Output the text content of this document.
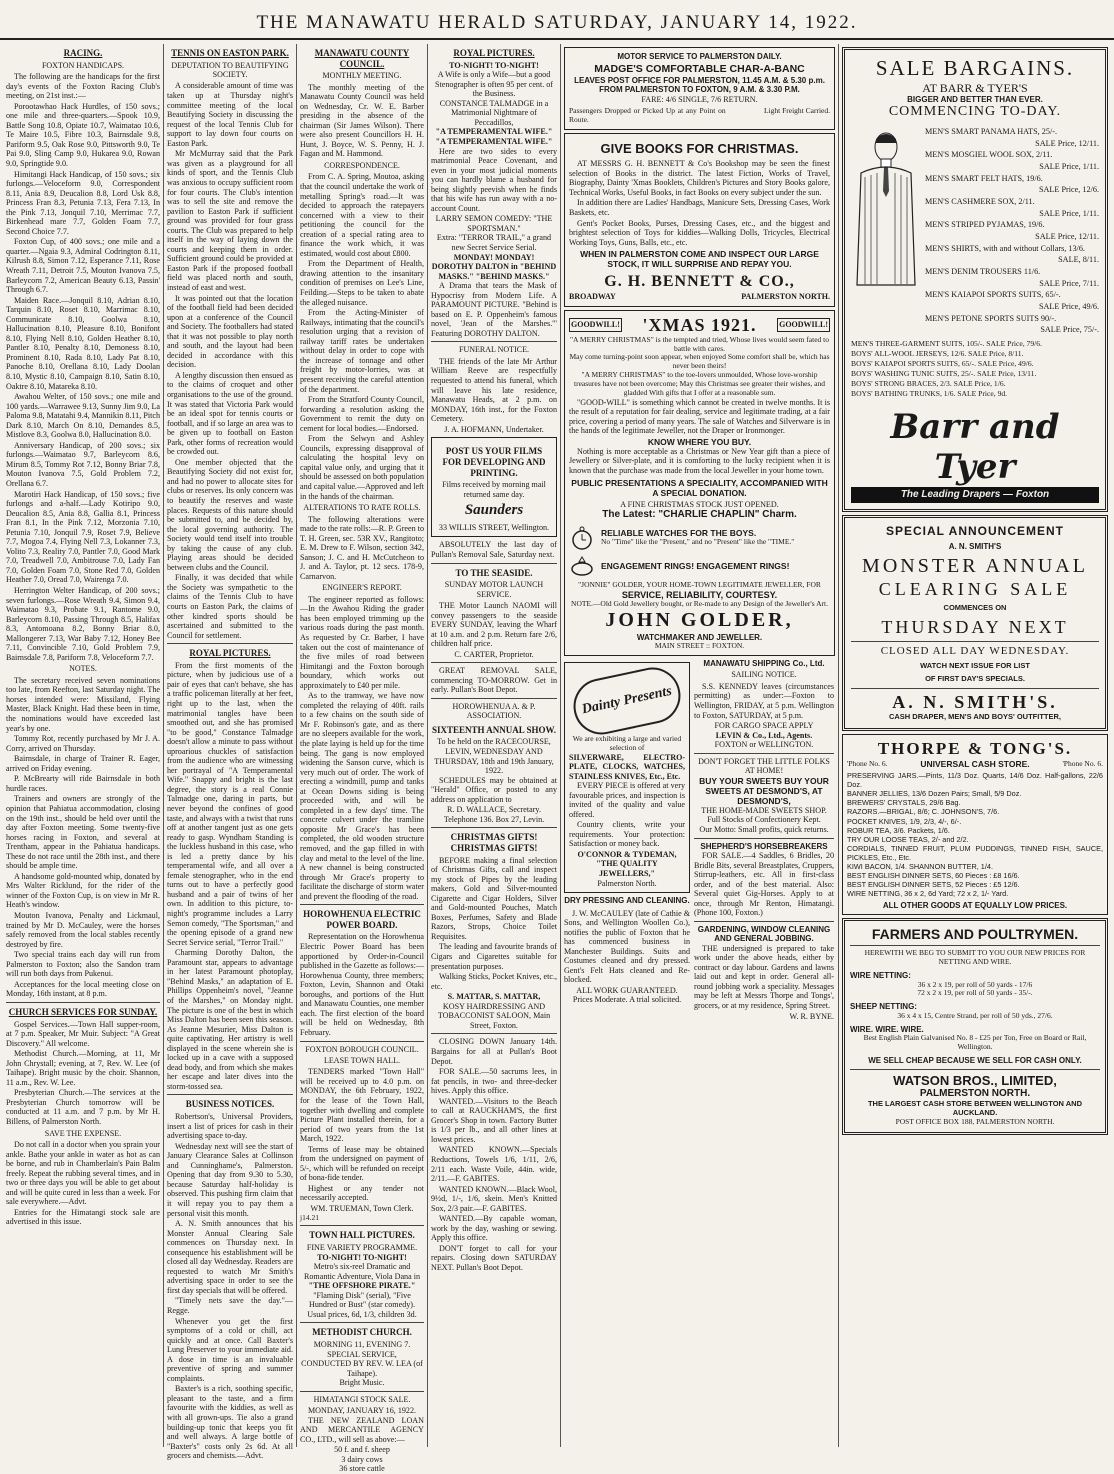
THE MANAWATU HERALD SATURDAY, JANUARY 14, 1922.
RACING.
FOXTON HANDICAPS.

The following are the handicaps for the first day's events of the Foxton Racing Club's meeting, on 21st inst.:—

Porootawhao Hack Hurdles, of 150 sovs.; one mile and three-quarters.—Spook 10.9, Battle Song 10.8, Opiate 10.7, Waimatao 10.6, Te Maire 10.5, Fibre 10.3, Bairnsdale 9.8, Pariform 9.5, Oak Rose 9.0, Pittsworth 9.0, Te Pai 9.0, Sling Camp 9.0, Hukarea 9.0, Rowan 9.0, Springtide 9.0.

Himitangi Hack Handicap, of 150 sovs.; six furlongs.—Veloceform 9.0, Correspondent 8.11, Ania 8.9, Deucalion 8.8, Lord Usk 8.8, Princess Fran 8.3, Petunia 7.13, Fera 7.13, In the Pink 7.13, Jonquil 7.10, Merrimac 7.7, Birkenhead mare 7.7, Golden Foam 7.7, Second Choice 7.7.

Foxton Cup, of 400 sovs.; one mile and a quarter.—Ngaia 9.3, Admiral Codrington 8.11, Kilrush 8.8, Simon 7.12, Esperance 7.11, Rose Wreath 7.11, Detroit 7.5, Mouton Ivanova 7.5, Barleycorn 7.2, American Beauty 6.13, Passin' Through 6.7.

Maiden Race.—Jonquil 8.10, Adrian 8.10, Tarquin 8.10, Roset 8.10, Marrimac 8.10, Communicate 8.10, Goolwa 8.10, Hallucination 8.10, Pleasure 8.10, Bonifont 8.10, Flying Nell 8.10, Golden Heather 8.10, Pantler 8.10, Penalty 8.10, Demoness 8.10, Prominent 8.10, Rada 8.10, Lady Pat 8.10, Panoche 8.10, Orellana 8.10, Lady Doolan 8.10, Mystic 8.10, Campaign 8.10, Satin 8.10, Oaktre 8.10, Matareka 8.10.

Awahou Welter, of 150 sovs.; one mile and 100 yards.—Warrawee 9.13, Sunny Jim 9.0, La Paloma 9.8, Matatahi 9.4, Mannikin 8.11, Pitch Dark 8.10, March On 8.10, Demandes 8.5, Mistlove 8.3, Goolwa 8.0, Hallucination 8.0.

Anniversary Handicap, of 200 sovs.; six furlongs.—Waimatao 9.7, Barleycorn 8.6, Mirum 8.5, Tommy Rot 7.12, Bonny Briar 7.8, Mouton Ivanova 7.5, Gold Problem 7.2, Orellana 6.7.

Marotiri Hack Handicap, of 150 sovs.; five furlongs and a-half.—Lady Kotiripo 9.0, Deucalion 8.5, Ania 8.8, Gallia 8.1, Princess Fran 8.1, In the Pink 7.12, Morzonia 7.10, Petunia 7.10, Jonquil 7.9, Roset 7.9, Believe 7.7, Mogoa 7.4, Flying Nell 7.3, Lokanner 7.3, Volito 7.3, Reality 7.0, Pantler 7.0, Good Mark 7.0, Treadwell 7.0, Ambitrouse 7.0, Lady Fan 7.0, Golden Foam 7.0, Stone Red 7.0, Golden Heather 7.0, Oread 7.0, Wairenga 7.0.

Herrington Welter Handicap, of 200 sovs.; seven furlongs.—Rose Wreath 9.4, Simon 9.4, Waimatao 9.3, Probate 9.1, Rantome 9.0, Barleycorn 8.10, Passing Through 8.5, Halifax 8.3, Antomoana 8.2, Bonny Briar 8.0, Mallongerer 7.13, War Baby 7.12, Honey Bee 7.11, Convincible 7.10, Gold Problem 7.9, Bairnsdale 7.8, Pariform 7.8, Veloceform 7.7.

NOTES.

The secretary received seven nominations too late, from Reefton, last Saturday night. The horses intended were: Missiland, Flying Master, Black Knight. Had these been in time, the nominations would have exceeded last year's by one.

Tommy Rot, recently purchased by Mr J. A. Corry, arrived on Thursday.

Bairnsdale, in charge of Trainer R. Eager, arrived on Friday evening.

P. McBrearty will ride Bairnsdale in both hurdle races.

Trainers and owners are strongly of the opinion that Pahiatua accommodation, closing on the 19th inst., should be held over until the day after Foxton meeting. Some twenty-five horses racing in Foxton, and several at Trentham, appear in the Pahiatua handicaps. These do not race until the 28th inst., and there should be ample time.

A handsome gold-mounted whip, donated by Mrs Walter Ricklund, for the rider of the winner of the Foxton Cup, is on view in Mr R. Heath's window.

Mouton Ivanova, Penalty and Lickmaul, trained by Mr D. McCauley, were the horses safely removed from the local stables recently destroyed by fire.

Two special trains each day will run from Palmerston to Foxton; also the Sandon tram will run both days from Pukenui.

Acceptances for the local meeting close on Monday, 16th instant, at 8 p.m.

CHURCH SERVICES FOR SUNDAY.

Gospel Services.—Town Hall supper-room, at 7 p.m. Speaker, Mr Muir. Subject: "A Great Discovery." All welcome.

Methodist Church.—Morning, at 11, Mr John Chrystall; evening, at 7, Rev. W. Lee (of Taihape). Bright music by the choir. Shannon, 11 a.m., Rev. W. Lee.

Presbyterian Church.—The services at the Presbyterian Church tomorrow will be conducted at 11 a.m. and 7 p.m. by Mr H. Billens, of Palmerston North.

SAVE THE EXPENSE.

Do not call in a doctor when you sprain your ankle. Bathe your ankle in water as hot as can be borne, and rub in Chamberlain's Pain Balm freely. Repeat the rubbing several times, and in two or three days you will be able to get about and will be quite cured in less than a week. For sale everywhere.—Advt.

Entries for the Himatangi stock sale are advertised in this issue.

TENNIS ON EASTON PARK.
DEPUTATION TO BEAUTIFYING SOCIETY.

A considerable amount of time was taken up at Thursday night's committee meeting of the local Beautifying Society in discussing the request of the local Tennis Club for support to lay down four courts on Easton Park.

Mr McMurray said that the Park was given as a playground for all kinds of sport, and the Tennis Club was anxious to occupy sufficient room for four courts. The Club's intention was to sell the site and remove the pavilion to Easton Park if sufficient ground was provided for four grass courts. The Club was prepared to help itself in the way of laying down the courts and keeping them in order. Sufficient ground could be provided at Easton Park if the proposed football field was placed north and south, instead of east and west.

It was pointed out that the location of the football field had been decided upon at a conference of the Council and Society. The footballers had stated that it was not possible to play north and south, and the layout had been decided in accordance with this decision.

A lengthy discussion then ensued as to the claims of croquet and other organisations to the use of the ground. It was stated that Victoria Park would be an ideal spot for tennis courts or football, and if so large an area was to be given up to football on Easton Park, other forms of recreation would be crowded out.

One member objected that the Beautifying Society did not exist for, and had no power to allocate sites for clubs or reserves. Its only concern was to beautify the reserves and waste places. Requests of this nature should be submitted to, and be decided by, the local governing authority. The Society would tend itself into trouble by taking the cause of any club. Playing areas should be decided between clubs and the Council.

Finally, it was decided that while the Society was sympathetic to the claims of the Tennis Club to have courts on Easton Park, the claims of other kindred sports should be ascertained and submitted to the Council for settlement.

ROYAL PICTURES.

From the first moments of the picture, when by judicious use of a pair of eyes that can't behave, she has a traffic policeman literally at her feet, right up to the last, when the matrimonial tangles have been smoothed out, and she has promised "to be good," Constance Talmadge doesn't allow a minute to pass without uproarious chuckles of satisfaction from the audience who are witnessing her portrayal of "A Temperamental Wife." Snappy and bright is the last degree, the story is a real Connie Talmadge one, daring in parts, but never beyond the confines of good taste, and always with a twist that runs off at another tangent just as one gets ready to gasp. Wyndham Standing is the luckless husband in this case, who is led a pretty dance by his temperamental wife, and all over a female stenographer, who in the end turns out to have a perfectly good husband and a pair of twins of her own. In addition to this picture, to-night's programme includes a Larry Semon comedy, "The Sportsman," and the opening episode of a grand new Secret Service serial, "Terror Trail."

Charming Dorothy Dalton, the Paramount star, appears to advantage in her latest Paramount photoplay, "Behind Masks," an adaptation of E. Phillips Oppenheim's novel, "Jeanne of the Marshes," on Monday night. The picture is one of the best in which Miss Dalton has been seen this season. As Jeanne Mesurier, Miss Dalton is quite captivating. Her artistry is well displayed in the scene wherein she is locked up in a cave with a supposed dead body, and from which she makes her escape and later dives into the storm-tossed sea.

BUSINESS NOTICES.

Robertson's, Universal Providers, insert a list of prices for cash in their advertising space to-day.

Wednesday next will see the start of January Clearance Sales at Collinson and Cunninghame's, Palmerston. Opening that day from 9.30 to 5.30, because Saturday half-holiday is observed. This pushing firm claim that it will repay you to pay them a personal visit this month.

A. N. Smith announces that his Monster Annual Clearing Sale commences on Thursday next. In consequence his establishment will be closed all day Wednesday. Readers are requested to watch Mr Smith's advertising space in order to see the first day specials that will be offered.

"Timely nets save the day."—Regge.

Whenever you get the first symptoms of a cold or chill, act quickly and at once. Call Baxter's Lung Preserver to your immediate aid. A dose in time is an invaluable preventive of spring and summer complaints.

Baxter's is a rich, soothing specific, pleasant to the taste, and a firm favourite with the kiddies, as well as with all grown-ups. Tie also a grand building-up tonic that keeps you fit and well always. A large bottle of "Baxter's" costs only 2s 6d. At all grocers and chemists.—Advt.

MANAWATU COUNTY COUNCIL.
MONTHLY MEETING.

The monthly meeting of the Manawatu County Council was held on Wednesday, Cr. W. E. Barber presiding in the absence of the chairman (Sir James Wilson). There were also present Councillors H. H. Hunt, J. Boyce, W. S. Penny, H. J. Fagan and M. Hammond.

CORRESPONDENCE.

From C. A. Spring, Moutoa, asking that the council undertake the work of metalling Spring's road.—It was decided to approach the ratepayers concerned with a view to their petitioning the council for the creation of a special rating area to finance the work which, it was estimated, would cost about £800.

From the Department of Health, drawing attention to the insanitary condition of premises on Lee's Line, Feilding.—Steps to be taken to abate the alleged nuisance.

From the Acting-Minister of Railways, intimating that the council's resolution urging that a revision of railway tariff rates be undertaken without delay in order to cope with the increase of tonnage and other freight by motor-lorries, was at present receiving the careful attention of the department.

From the Stratford County Council, forwarding a resolution asking the Government to remit the duty on cement for local bodies.—Endorsed.

From the Selwyn and Ashley Councils, expressing disapproval of calculating the hospital levy on capital value only, and urging that it should be assessed on both population and capital value.—Approved and left in the hands of the chairman.

ALTERATIONS TO RATE ROLLS.

The following alterations were made to the rate rolls:—R. P. Green to T. H. Green, sec. 53R XV., Rangitoto; E. M. Drew to F. Wilson, section 342, Sanson; J. C. and H. McCutcheon to J. and A. Taylor, pt. 12 secs. 178-9, Carnarvon.

ENGINEER'S REPORT.

The engineer reported as follows:—In the Awahou Riding the grader has been employed trimming up the various roads during the past month. As requested by Cr. Barber, I have taken out the cost of maintenance of the five miles of road between Himitangi and the Foxton borough boundary, which works out approximately to £40 per mile.

As to the tramway, we have now completed the relaying of 40ft. rails to a few chains on the south side of Mr F. Robinson's gate, and as there are no sleepers available for the work, the plate laying is held up for the time being. The gang is now employed widening the Sanson curve, which is very much out of order. The work of erecting a windmill, pump and tanks at Ocean Downs siding is being proceeded with, and will be completed in a few days' time. The concrete culvert under the tramline opposite Mr Grace's has been completed, the old wooden structure removed, and the gap filled in with clay and metal to the level of the line. A new channel is being constructed through Mr Grace's property to facilitate the discharge of storm water and prevent the flooding of the road.

HOROWHENUA ELECTRIC POWER BOARD.

Representation on the Horowhenua Electric Power Board has been apportioned by Order-in-Council published in the Gazette as follows:—Horowhenua County, three members; Foxton, Levin, Shannon and Otaki boroughs, and portions of the Hutt and Manawatu Counties, one member each. The first election of the board will be held on Wednesday, 8th February.

FOXTON BOROUGH COUNCIL.
LEASE TOWN HALL.

TENDERS marked "Town Hall" will be received up to 4.0 p.m. on MONDAY, the 6th February, 1922, for the lease of the Town Hall, together with dwelling and complete Picture Plant installed therein, for a period of two years from the 1st March, 1922.

Terms of lease may be obtained from the undersigned on payment of 5/-, which will be refunded on receipt of bona-fide tender.

Highest or any tender not necessarily accepted.

WM. TRUEMAN, Town Clerk.
j14.21
TOWN HALL PICTURES.
FINE VARIETY PROGRAMME.
TO-NIGHT! TO-NIGHT!
Metro's six-reel Dramatic and Romantic Adventure, Viola Dana in
"THE OFFSHORE PIRATE."
"Flaming Disk" (serial), "Five Hundred or Bust" (star comedy).
Usual prices, 6d, 1/3, children 3d.
METHODIST CHURCH.
MORNING 11, EVENING 7.
SPECIAL SERVICE,
CONDUCTED BY REV. W. LEA (of Taihape).
Bright Music.
HIMATANGI STOCK SALE.
MONDAY, JANUARY 16, 1922.

THE NEW ZEALAND LOAN AND MERCANTILE AGENCY CO., LTD., will sell as above:—

50 f. and f. sheep
3 dairy cows
36 store cattle
ROYAL PICTURES.
TO-NIGHT! TO-NIGHT!
A Wife is only a Wife—but a good Stenographer is often 95 per cent. of the Business.
CONSTANCE TALMADGE in a Matrimonial Nightmare of Peccadillos,
"A TEMPERAMENTAL WIFE." "A TEMPERAMENTAL WIFE."

Here are two sides to every matrimonial Peace Covenant, and even in your most judicial moments you can hardly blame a husband for being slightly peevish when he finds that his wife has run away with a no-account Count.

LARRY SEMON COMEDY: "THE SPORTSMAN."
Extra: "TERROR TRAIL," a grand new Secret Service Serial.
MONDAY! MONDAY!
DOROTHY DALTON in "BEHIND MASKS." "BEHIND MASKS."

A Drama that tears the Mask of Hypocrisy from Modern Life. A PARAMOUNT PICTURE. "Behind is based on E. P. Oppenheim's famous novel, 'Jean of the Marshes.'" Featuring DOROTHY DALTON.

FUNERAL NOTICE.

THE friends of the late Mr Arthur William Reeve are respectfully requested to attend his funeral, which will leave his late residence, Manawatu Heads, at 2 p.m. on MONDAY, 16th inst., for the Foxton Cemetery.

J. A. HOFMANN, Undertaker.
POST US YOUR FILMS FOR DEVELOPING AND PRINTING.
Films received by morning mail returned same day.
Saunders
33 WILLIS STREET, Wellington.

ABSOLUTELY the last day of Pullan's Removal Sale, Saturday next.

TO THE SEASIDE.
SUNDAY MOTOR LAUNCH SERVICE.

THE Motor Launch NAOMI will convey passengers to the seaside EVERY SUNDAY, leaving the Wharf at 10 a.m. and 2 p.m. Return fare 2/6, children half price.

C. CARTER, Proprietor.

GREAT REMOVAL SALE, commencing TO-MORROW. Get in early. Pullan's Boot Depot.

HOROWHENUA A. & P. ASSOCIATION.
SIXTEENTH ANNUAL SHOW.
To be held on the RACECOURSE, LEVIN, WEDNESDAY AND THURSDAY, 18th and 19th January, 1922.

SCHEDULES may be obtained at "Herald" Office, or posted to any address on application to

R. D. WALLACE, Secretary.
Telephone 136. Box 27, Levin.
CHRISTMAS GIFTS! CHRISTMAS GIFTS!

BEFORE making a final selection of Christmas Gifts, call and inspect my stock of Pipes by the leading makers, Gold and Silver-mounted Cigarette and Cigar Holders, Silver and Gold-mounted Pouches, Match Boxes, Perfumes, Safety and Blade Razors, Strops, Choice Toilet Requisites.

The leading and favourite brands of Cigars and Cigarettes suitable for presentation purposes.

Walking Sticks, Pocket Knives, etc., etc.

S. MATTAR, S. MATTAR,
KOSY HAIRDRESSING AND TOBACCONIST SALOON, Main Street, Foxton.

CLOSING DOWN January 14th. Bargains for all at Pullan's Boot Depot.

FOR SALE.—50 sacrums lees, in fat pencils, in two- and three-decker hives. Apply this office.

WANTED.—Visitors to the Beach to call at RAUCKHAM'S, the first Grocer's Shop in town. Factory Butter is 1/3 per lb., and all other lines at lowest prices.

WANTED KNOWN.—Specials Reductions, Towels 1/6, 1/11, 2/6, 2/11 each. Waste Voile, 44in. wide, 2/11.—F. GABITES.

WANTED KNOWN.—Black Wool, 9½d, 1/-, 1/6, skein. Men's Knitted Sox, 2/3 pair.—F. GABITES.

WANTED.—By capable woman, work by the day, washing or sewing. Apply this office.

DON'T forget to call for your repairs. Closing down SATURDAY NEXT. Pullan's Boot Depot.

MOTOR SERVICE TO PALMERSTON DAILY.
MADGE'S COMFORTABLE CHAR-A-BANC
LEAVES POST OFFICE FOR PALMERSTON, 11.45 A.M. & 5.30 p.m.
FROM PALMERSTON TO FOXTON, 9 A.M. & 3.30 P.M.
FARE: 4/6 SINGLE, 7/6 RETURN.
Passengers Dropped or Picked Up at any Point on Route.
Light Freight Carried.
GIVE BOOKS FOR CHRISTMAS.

AT MESSRS G. H. BENNETT & Co's Bookshop may be seen the finest selection of Books in the district. The latest Fiction, Works of Travel, Biography, Dainty 'Xmas Booklets, Children's Pictures and Story Books galore, Technical Works, Useful Books, in fact Books on every subject under the sun.

In addition there are Ladies' Handbags, Manicure Sets, Dressing Cases, Work Baskets, etc.

Gent's Pocket Books, Purses, Dressing Cases, etc., and the biggest and brightest selection of Toys for kiddies—Walking Dolls, Tricycles, Electrical Working Toys, Guns, Balls, etc., etc.

WHEN IN PALMERSTON COME AND INSPECT OUR LARGE STOCK, IT WILL SURPRISE AND REPAY YOU.
G. H. BENNETT & CO.,
BROADWAY	PALMERSTON NORTH.
GOODWILL! 'XMAS 1921.	GOODWILL!
"A MERRY CHRISTMAS" is the tempted and tried, Whose lives would seem fated to battle with cares.
May come turning-point soon appear, when enjoyed Some comfort shall be, which has never been theirs!
"A MERRY CHRISTMAS" to the toe-lovers unmoulded, Whose love-worship treasures have not been overcome; May this Christmas see greater their wishes, and gladded With gifts that I offer at a reasonable sum.

"GOOD-WILL" is something which cannot be created in twelve months. It is the result of a reputation for fair dealing, service and legitimate trading, at a fair price, covering a period of many years. The sale of Watches and Silverware is in the hands of the legitimate Jeweller, not the Draper or Ironmonger.

KNOW WHERE YOU BUY.

Nothing is more acceptable as a Christmas or New Year gift than a piece of Jewellery or Silver-plate, and it is comforting to the lucky recipient when it is known that the purchase was made from the local Jeweller in your home town.

PUBLIC PRESENTATIONS A SPECIALITY, ACCOMPANIED WITH A SPECIAL DONATION.
A FINE CHRISTMAS STOCK JUST OPENED.
The Latest: "CHARLIE CHAPLIN" Charm.
RELIABLE WATCHES FOR THE BOYS.
No "Time" like the "Present," and no "Present" like the "TIME."
ENGAGEMENT RINGS! ENGAGEMENT RINGS!
"JONNIE" GOLDER, YOUR HOME-TOWN LEGITIMATE JEWELLER, FOR
SERVICE, RELIABILITY, COURTESY.
NOTE.—Old Gold Jewellery bought, or Re-made to any Design of the Jeweller's Art.
JOHN GOLDER,
WATCHMAKER AND JEWELLER.
MAIN STREET :: FOXTON.
Dainty Presents
We are exhibiting a large and varied selection of
SILVERWARE, ELECTRO-PLATE, CLOCKS, WATCHES, STAINLESS KNIVES, Etc., Etc.

EVERY PIECE is offered at very favourable prices, and inspection is invited of the quality and value offered.

Country clients, write your requirements. Your protection: Satisfaction or money back.

O'CONNOR & TYDEMAN, "THE QUALITY JEWELLERS,"
Palmerston North.
DRY PRESSING AND CLEANING.

J. W. McCAULEY (late of Cathie & Sons, and Wellington Woollen Co.), notifies the public of Foxton that he has commenced business in Manchester Buildings. Suits and Costumes cleaned and dry pressed. Gent's Felt Hats cleaned and Re-blocked.

ALL WORK GUARANTEED.
Prices Moderate. A trial solicited.
MANAWATU SHIPPING Co., Ltd.
SAILING NOTICE.

S.S. KENNEDY leaves (circumstances permitting) as under:—Foxton to Wellington, FRIDAY, at 5 p.m. Wellington to Foxton, SATURDAY, at 5 p.m.

FOR CARGO SPACE APPLY
LEVIN & Co., Ltd., Agents.
FOXTON or WELLINGTON.
DON'T FORGET THE LITTLE FOLKS AT HOME!
BUY YOUR SWEETS BUY YOUR SWEETS AT DESMOND'S, AT DESMOND'S,
THE HOME-MADE SWEETS SHOP.
Full Stocks of Confectionery Kept.
Our Motto: Small profits, quick returns.
SHEPHERD'S HORSEBREAKERS

FOR SALE.—4 Saddles, 6 Bridles, 20 Bridle Bits, several Breastplates, Cruppers, Stirrup-leathers, etc. All in first-class order, and of the best material. Also: Several quiet Gig-Horses. Apply to at once, through Mr Renton, Himatangi. (Phone 100, Foxton.)

GARDENING, WINDOW CLEANING AND GENERAL JOBBING.

THE undersigned is prepared to take work under the above heads, either by contract or day labour. Gardens and lawns laid out and kept in order. General all-round jobbing work a speciality. Messages may be left at Messrs Thorpe and Tongs', grocers, or at my residence, Spring Street.

W. R. BYNE.
SALE BARGAINS.
AT BARR & TYER'S
BIGGER AND BETTER THAN EVER.
COMMENCING TO-DAY.
MEN'S SMART PANAMA HATS, 25/-.
SALE Price, 12/11.
MEN'S MOSGIEL WOOL SOX, 2/11.
SALE Price, 1/11.
MEN'S SMART FELT HATS, 19/6.
SALE Price, 12/6.
MEN'S CASHMERE SOX, 2/11.
SALE Price, 1/11.
MEN'S STRIPED PYJAMAS, 19/6.
SALE Price, 12/11.
MEN'S SHIRTS, with and without Collars, 13/6.
SALE, 8/11.
MEN'S DENIM TROUSERS 11/6.
SALE Price, 7/11.
MEN'S KAIAPOI SPORTS SUITS, 65/-.
SALE Price, 49/6.
MEN'S PETONE SPORTS SUITS 90/-.
SALE Price, 75/-.
MEN'S THREE-GARMENT SUITS, 105/-. SALE Price, 79/6.
BOYS' ALL-WOOL JERSEYS, 12/6. SALE Price, 8/11.
BOYS' KAIAPOI SPORTS SUITS, 65/-. SALE Price, 49/6.
BOYS' WASHING TUNIC SUITS, 25/-. SALE Price, 13/11.
BOYS' STRONG BRACES, 2/3. SALE Price, 1/6.
BOYS' BATHING TRUNKS, 1/6. SALE Price, 9d.
Barr and Tyer
The Leading Drapers — Foxton
SPECIAL ANNOUNCEMENT
A. N. SMITH'S
MONSTER ANNUAL
CLEARING SALE
COMMENCES ON
THURSDAY NEXT
CLOSED ALL DAY WEDNESDAY.
WATCH NEXT ISSUE FOR LIST
OF FIRST DAY'S SPECIALS.
A. N. SMITH'S.
CASH DRAPER, MEN'S AND BOYS' OUTFITTER,
THORPE & TONG'S.
'Phone No. 6.	UNIVERSAL CASH STORE.	'Phone No. 6.
PRESERVING JARS.—Pints, 11/3 Doz. Quarts, 14/6 Doz. Half-gallons, 22/6 Doz.
BANNER JELLIES, 13/6 Dozen Pairs; Small, 5/9 Doz.
BREWERS' CRYSTALS, 29/6 Bag.
RAZORS.—BRIGAL, 8/6; C. JOHNSON'S, 7/6.
POCKET KNIVES, 1/9, 2/3, 4/-, 6/-.
ROBUR TEA, 3/6. Packets, 1/6.
TRY OUR LOOSE TEAS, 2/- and 2/2.
CORDIALS, TINNED FRUIT, PLUM PUDDINGS, TINNED FISH, SAUCE, PICKLES, Etc., Etc.
KIWI BACON, 1/4. SHANNON BUTTER, 1/4.
BEST ENGLISH DINNER SETS, 60 Pieces : £8 16/6.
BEST ENGLISH DINNER SETS, 52 Pieces : £5 12/6.
WIRE NETTING, 36 x 2, 6d Yard; 72 x 2, 1/- Yard.
ALL OTHER GOODS AT EQUALLY LOW PRICES.
FARMERS AND POULTRYMEN.
HEREWITH WE BEG TO SUBMIT TO YOU OUR NEW PRICES FOR NETTING AND WIRE.
WIRE NETTING:
36 x 2 x 19, per roll of 50 yards - 17/6
72 x 2 x 19, per roll of 50 yards - 35/-.
SHEEP NETTING:
36 x 4 x 15, Centre Strand, per roll of 50 yds., 27/6.
WIRE. WIRE. WIRE.
Best English Plain Galvanised No. 8 - £25 per Ton, Free on Board or Rail, Wellington.
WE SELL CHEAP BECAUSE WE SELL FOR CASH ONLY.
WATSON BROS., LIMITED,
PALMERSTON NORTH.
THE LARGEST CASH STORE BETWEEN WELLINGTON AND AUCKLAND.
POST OFFICE BOX 188, PALMERSTON NORTH.
